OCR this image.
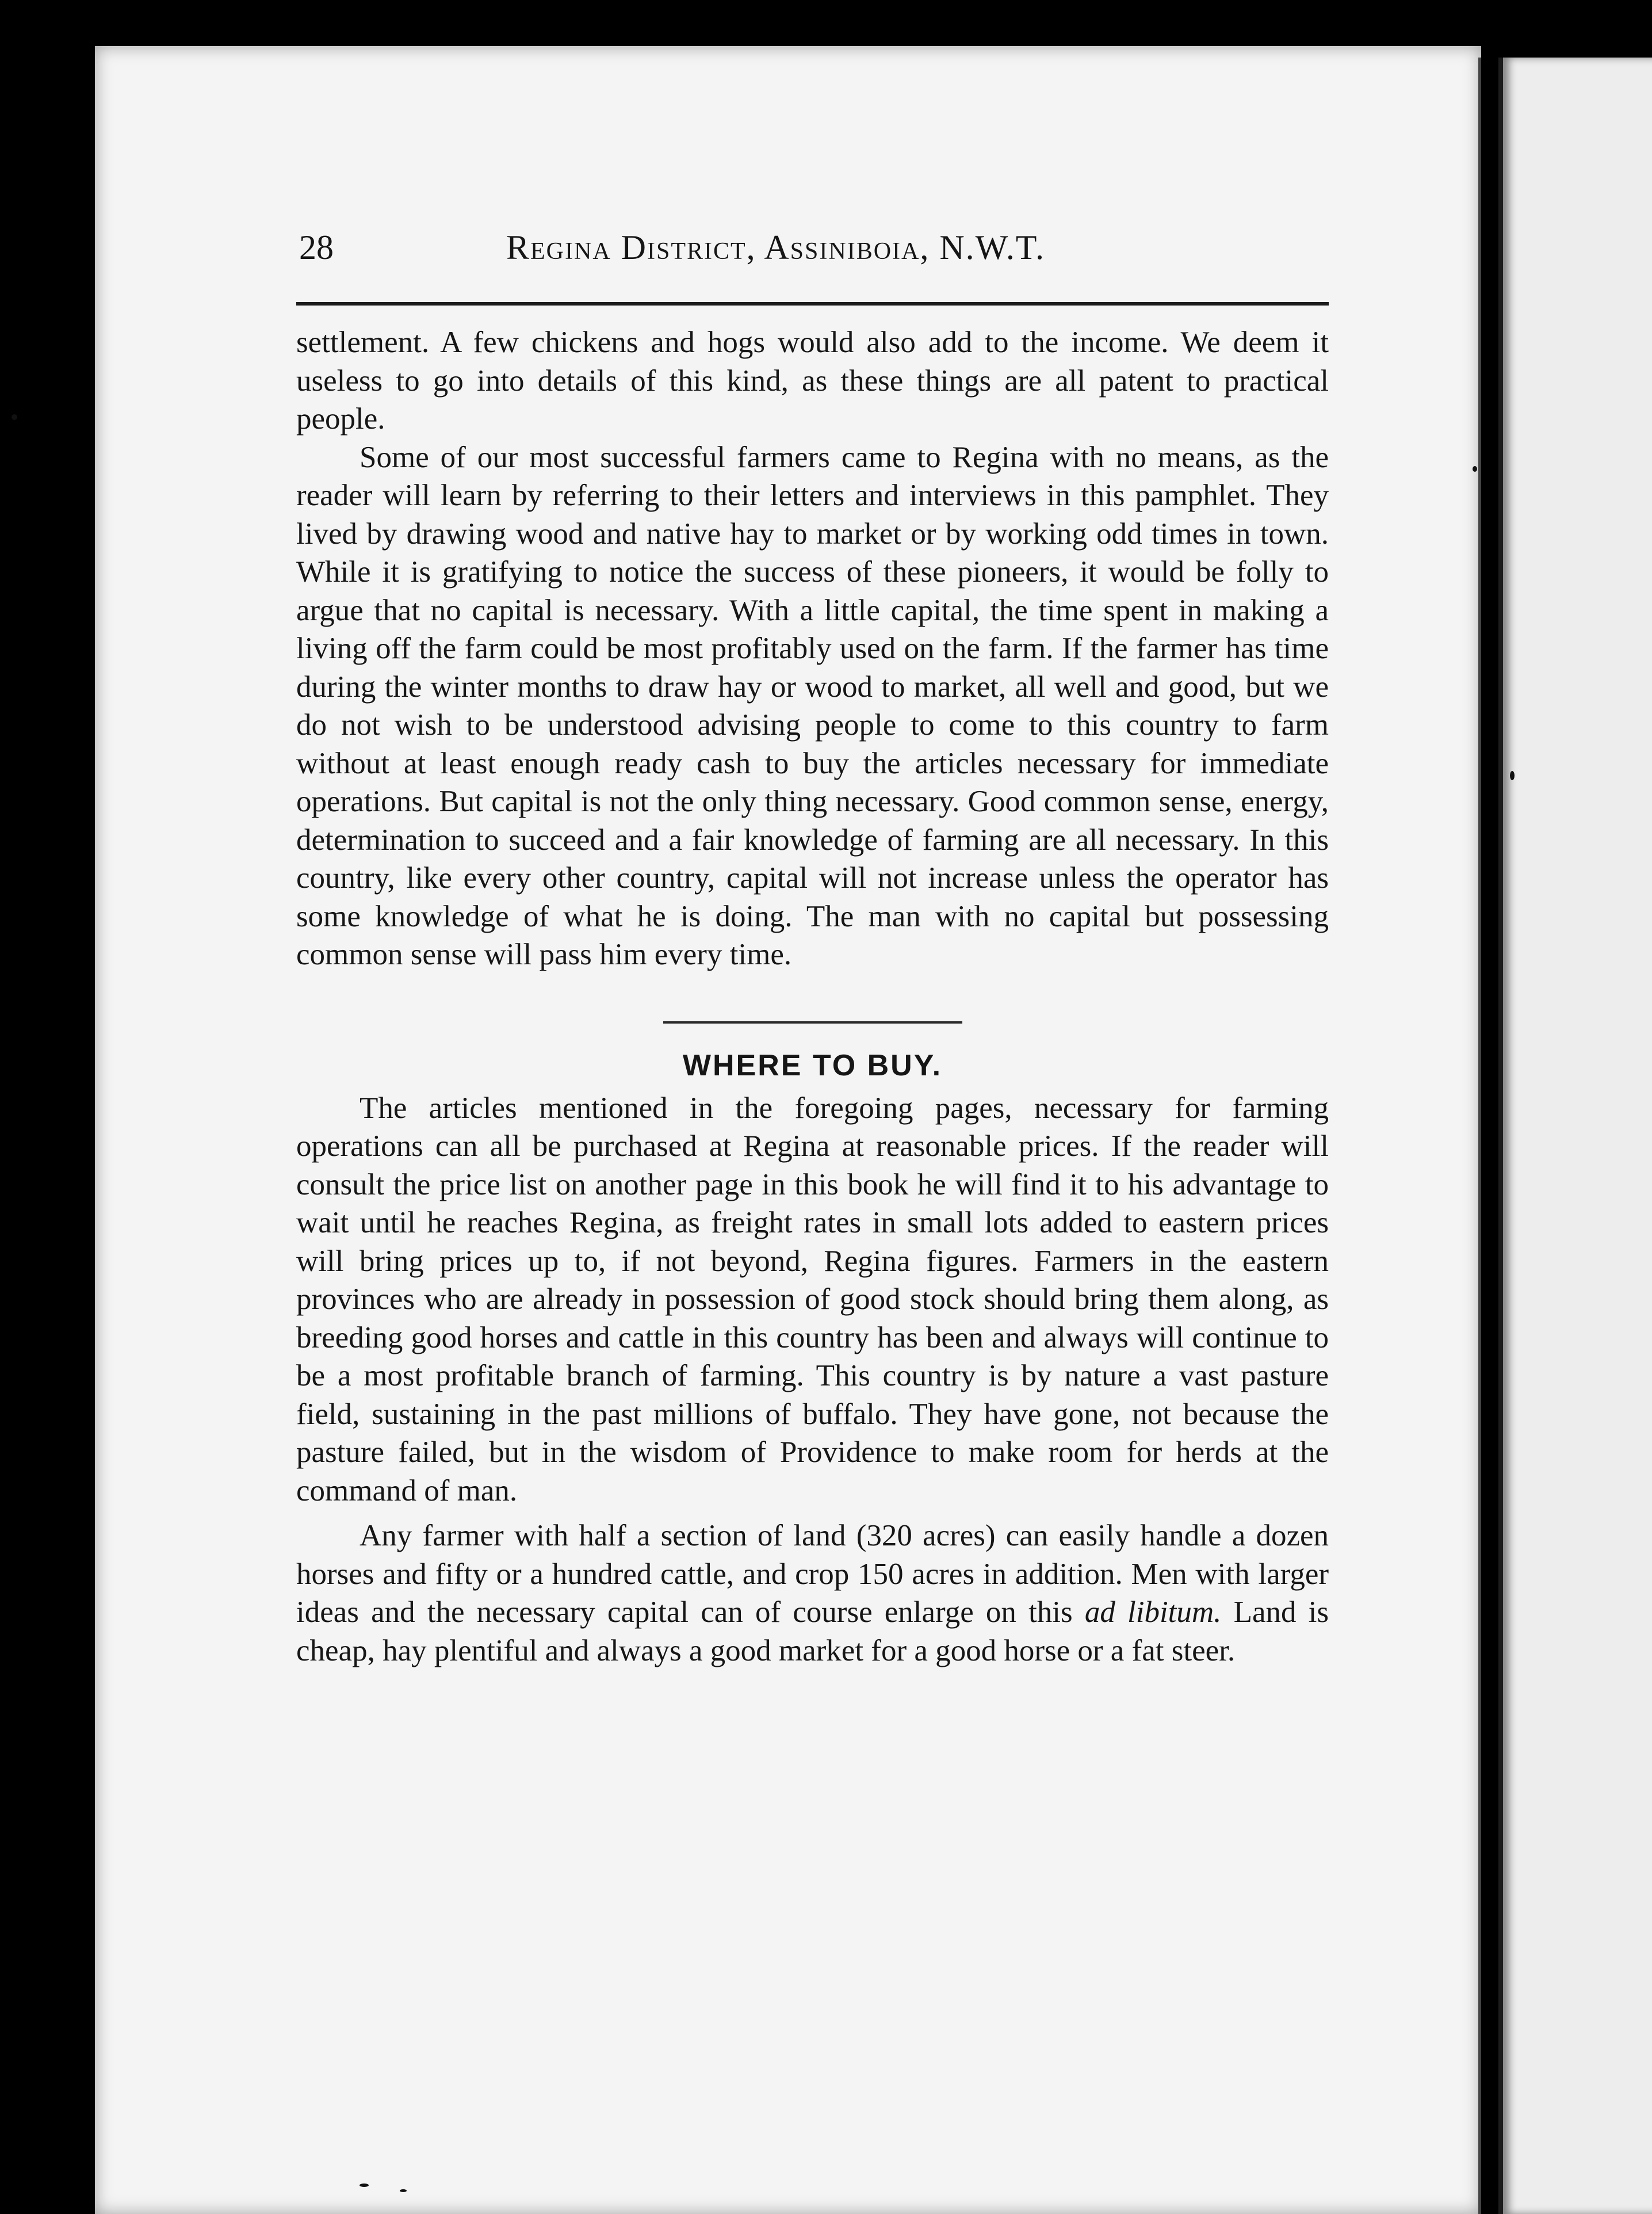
28	Regina District, Assiniboia, N.W.T.

settlement. A few chickens and hogs would also add to the income. We deem it useless to go into details of this kind, as these things are all patent to practical people.

Some of our most successful farmers came to Regina with no means, as the reader will learn by referring to their letters and interviews in this pamphlet. They lived by drawing wood and native hay to market or by working odd times in town. While it is gratifying to notice the success of these pioneers, it would be folly to argue that no capital is necessary. With a little capital, the time spent in making a living off the farm could be most profitably used on the farm. If the farmer has time during the winter months to draw hay or wood to market, all well and good, but we do not wish to be understood advising people to come to this country to farm without at least enough ready cash to buy the articles necessary for immediate operations. But capital is not the only thing necessary. Good common sense, energy, determination to succeed and a fair knowledge of farming are all necessary. In this country, like every other country, capital will not increase unless the operator has some knowledge of what he is doing. The man with no capital but possessing common sense will pass him every time.

WHERE TO BUY.

The articles mentioned in the foregoing pages, necessary for farming operations can all be purchased at Regina at reasonable prices. If the reader will consult the price list on another page in this book he will find it to his advantage to wait until he reaches Regina, as freight rates in small lots added to eastern prices will bring prices up to, if not beyond, Regina figures. Farmers in the eastern provinces who are already in possession of good stock should bring them along, as breeding good horses and cattle in this country has been and always will continue to be a most profitable branch of farming. This country is by nature a vast pasture field, sustaining in the past millions of buffalo. They have gone, not because the pasture failed, but in the wisdom of Providence to make room for herds at the command of man.

Any farmer with half a section of land (320 acres) can easily handle a dozen horses and fifty or a hundred cattle, and crop 150 acres in addition. Men with larger ideas and the necessary capital can of course enlarge on this ad libitum. Land is cheap, hay plentiful and always a good market for a good horse or a fat steer.
